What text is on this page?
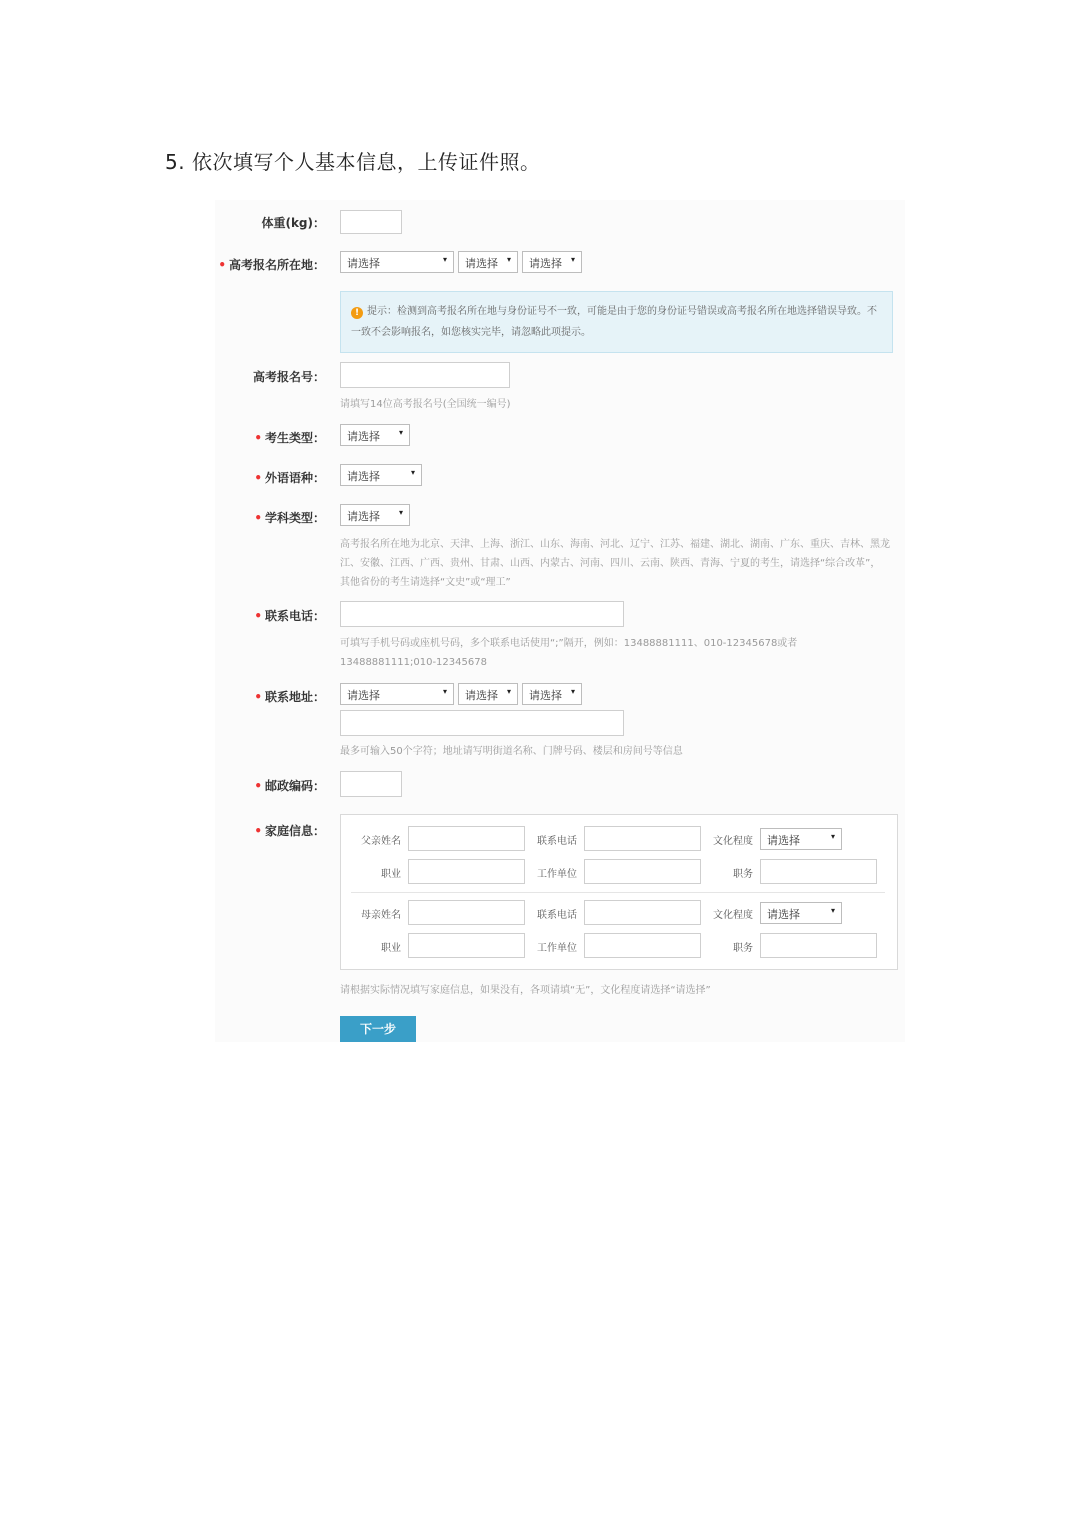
5. 依次填写个人基本信息，上传证件照。
体重(kg)：
• 高考报名所在地：	请选择	▾	请选择 ▾	请选择 ▾
! 提示：检测到高考报名所在地与身份证号不一致，可能是由于您的身份证号错误或高考报名所在地选择错误导致。不一致不会影响报名，如您核实完毕，请忽略此项提示。
高考报名号：
请填写14位高考报名号(全国统一编号)
• 考生类型：	请选择 ▾
• 外语语种：	请选择	▾
• 学科类型：	请选择 ▾
高考报名所在地为北京、天津、上海、浙江、山东、海南、河北、辽宁、江苏、福建、湖北、湖南、广东、重庆、吉林、黑龙江、安徽、江西、广西、贵州、甘肃、山西、内蒙古、河南、四川、云南、陕西、青海、宁夏的考生，请选择“综合改革”，其他省份的考生请选择“文史”或“理工”
• 联系电话：
可填写手机号码或座机号码，多个联系电话使用“;”隔开，例如：13488881111、010-12345678或者13488881111;010-12345678
• 联系地址：	请选择	▾	请选择 ▾	请选择 ▾
最多可输入50个字符；地址请写明街道名称、门牌号码、楼层和房间号等信息
• 邮政编码：
• 家庭信息：
父亲姓名	联系电话	文化程度	请选择	▾
职业	工作单位	职务
母亲姓名	联系电话	文化程度	请选择	▾
职业	工作单位	职务
请根据实际情况填写家庭信息，如果没有，各项请填“无”，文化程度请选择“请选择”
下一步
